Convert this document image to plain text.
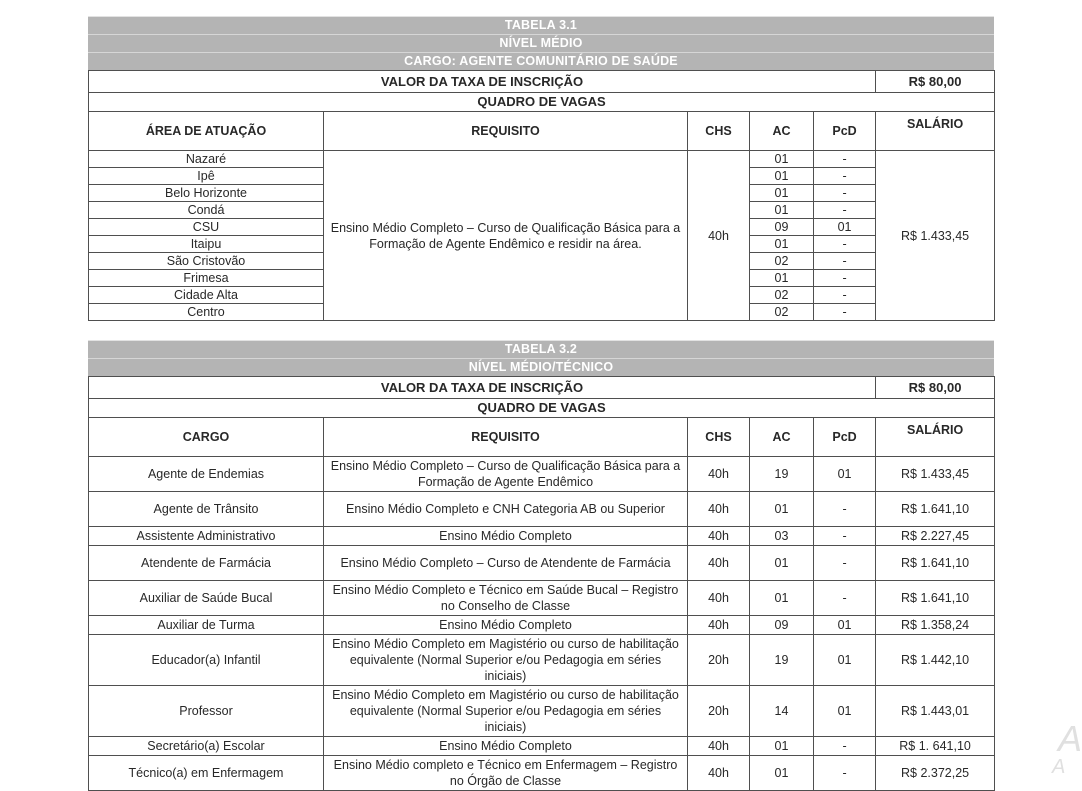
TABELA 3.1
NÍVEL MÉDIO
CARGO: AGENTE COMUNITÁRIO DE SAÚDE
VALOR DA TAXA DE INSCRIÇÃO					R$ 80,00
QUADRO DE VAGAS					
ÁREA DE ATUAÇÃO	REQUISITO	CHS	AC	PcD	SALÁRIO
Nazaré	Ensino Médio Completo – Curso de Qualificação Básica para a Formação de Agente Endêmico e residir na área.	40h	01	-	R$ 1.433,45
Ipê			01	-	
Belo Horizonte			01	-	
Condá			01	-	
CSU			09	01	
Itaipu			01	-	
São Cristovão			02	-	
Frimesa			01	-	
Cidade Alta			02	-	
Centro			02	-	
TABELA 3.2
NÍVEL MÉDIO/TÉCNICO
VALOR DA TAXA DE INSCRIÇÃO					R$ 80,00
QUADRO DE VAGAS					
CARGO	REQUISITO	CHS	AC	PcD	SALÁRIO
Agente de Endemias	Ensino Médio Completo – Curso de Qualificação Básica para a Formação de Agente Endêmico	40h	19	01	R$ 1.433,45
Agente de Trânsito	Ensino Médio Completo e CNH Categoria AB ou Superior	40h	01	-	R$ 1.641,10
Assistente Administrativo	Ensino Médio Completo	40h	03	-	R$ 2.227,45
Atendente de Farmácia	Ensino Médio Completo – Curso de Atendente de Farmácia	40h	01	-	R$ 1.641,10
Auxiliar de Saúde Bucal	Ensino Médio Completo e Técnico em Saúde Bucal – Registro no Conselho de Classe	40h	01	-	R$ 1.641,10
Auxiliar de Turma	Ensino Médio Completo	40h	09	01	R$ 1.358,24
Educador(a) Infantil	Ensino Médio Completo em Magistério ou curso de habilitação equivalente (Normal Superior e/ou Pedagogia em séries iniciais)	20h	19	01	R$ 1.442,10
Professor	Ensino Médio Completo em Magistério ou curso de habilitação equivalente (Normal Superior e/ou Pedagogia em séries iniciais)	20h	14	01	R$ 1.443,01
Secretário(a) Escolar	Ensino Médio Completo	40h	01	-	R$ 1. 641,10
Técnico(a) em Enfermagem	Ensino Médio completo e Técnico em Enfermagem – Registro no Órgão de Classe	40h	01	-	R$ 2.372,25
A
A
